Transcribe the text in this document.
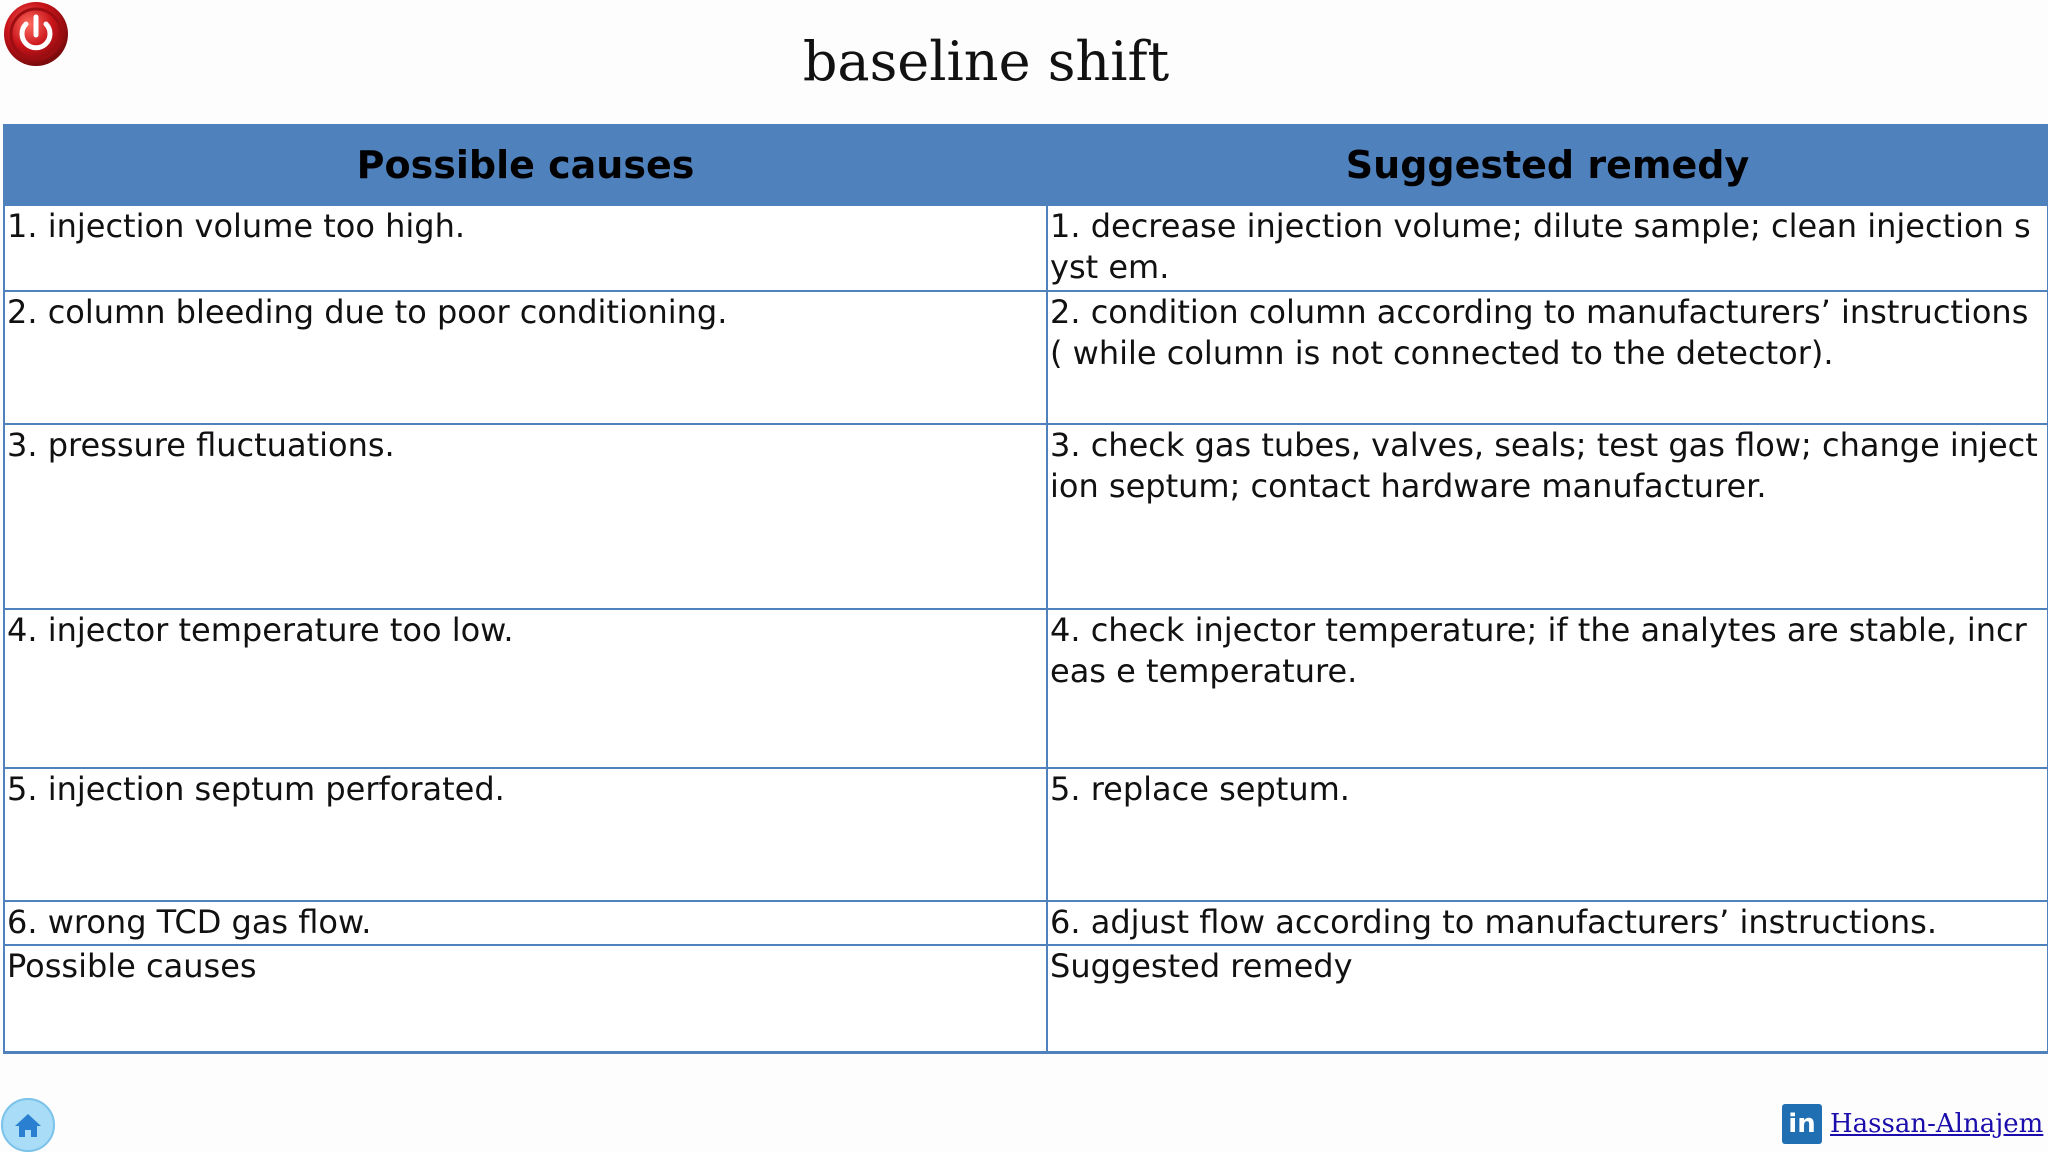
baseline shift
Possible causes	Suggested remedy
1. injection volume too high.	1. decrease injection volume; dilute sample; clean injection syst em.
2. column bleeding due to poor conditioning.	2. condition column according to manufacturers’ instructions ( while column is not connected to the detector).
3. pressure fluctuations.	3. check gas tubes, valves, seals; test gas flow; change injection septum; contact hardware manufacturer.
4. injector temperature too low.	4. check injector temperature; if the analytes are stable, increas e temperature.
5. injection septum perforated.	5. replace septum.
6. wrong TCD gas flow.	6. adjust flow according to manufacturers’ instructions.
Possible causes	Suggested remedy
in Hassan-Alnajem
